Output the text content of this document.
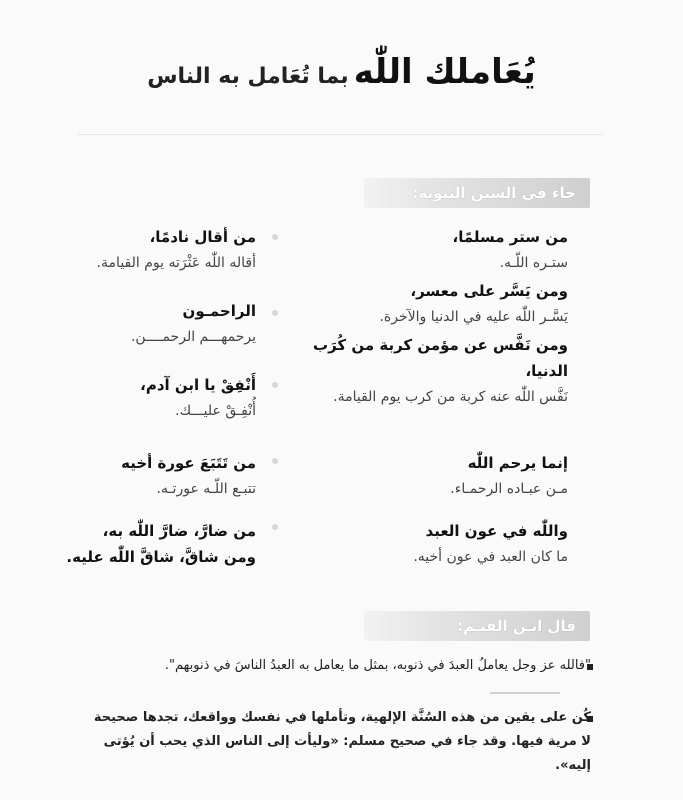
يُعَاملك اللّٰه بما تُعَامل به الناس
جاء في السنن النبوية:
من ستر مسلمًا،
ستـره اللّـه.
ومن يَسَّر على معسر،
يَسَّـر اللّٰه عليه في الدنيا والآخرة.
ومن نَفَّس عن مؤمن كربة من كُرَب الدنيا،
نَفَّس اللّٰه عنه كربة من كرب يوم القيامة.
إنما يرحم اللّٰه
مـن عبـاده الرحمـاء.
واللّٰه في عون العبد
ما كان العبد في عون أخيه.
من أقال نادمًا،
أقاله اللّٰه عَثْرَته يوم القيامة.
الراحمـون
يرحمهـــم الرحمــــن.
أَنْفِقْ يا ابن آدم،
أُنْفِـقْ عليـــك.
من تَتَبَعَ عورة أخيه
تتبـع اللّـه عورتـه.
من ضارَّ، ضارَّ اللّٰه به،
ومن شاقَّ، شاقَّ اللّٰه عليه.
قال ابـن القيـم:
"فالله عز وجل يعاملُ العبدَ في ذنوبه، بمثل ما يعامل به العبدُ الناسَ في ذنوبهم".
كُن على يقين من هذه السُنَّة الإلهية، وتأملها في نفسك وواقعك، تجدها صحيحة
لا مرية فيها. وقد جاء في صحيح مسلم: «وليأت إلى الناس الذي يحب أن يُؤتى إليه».
